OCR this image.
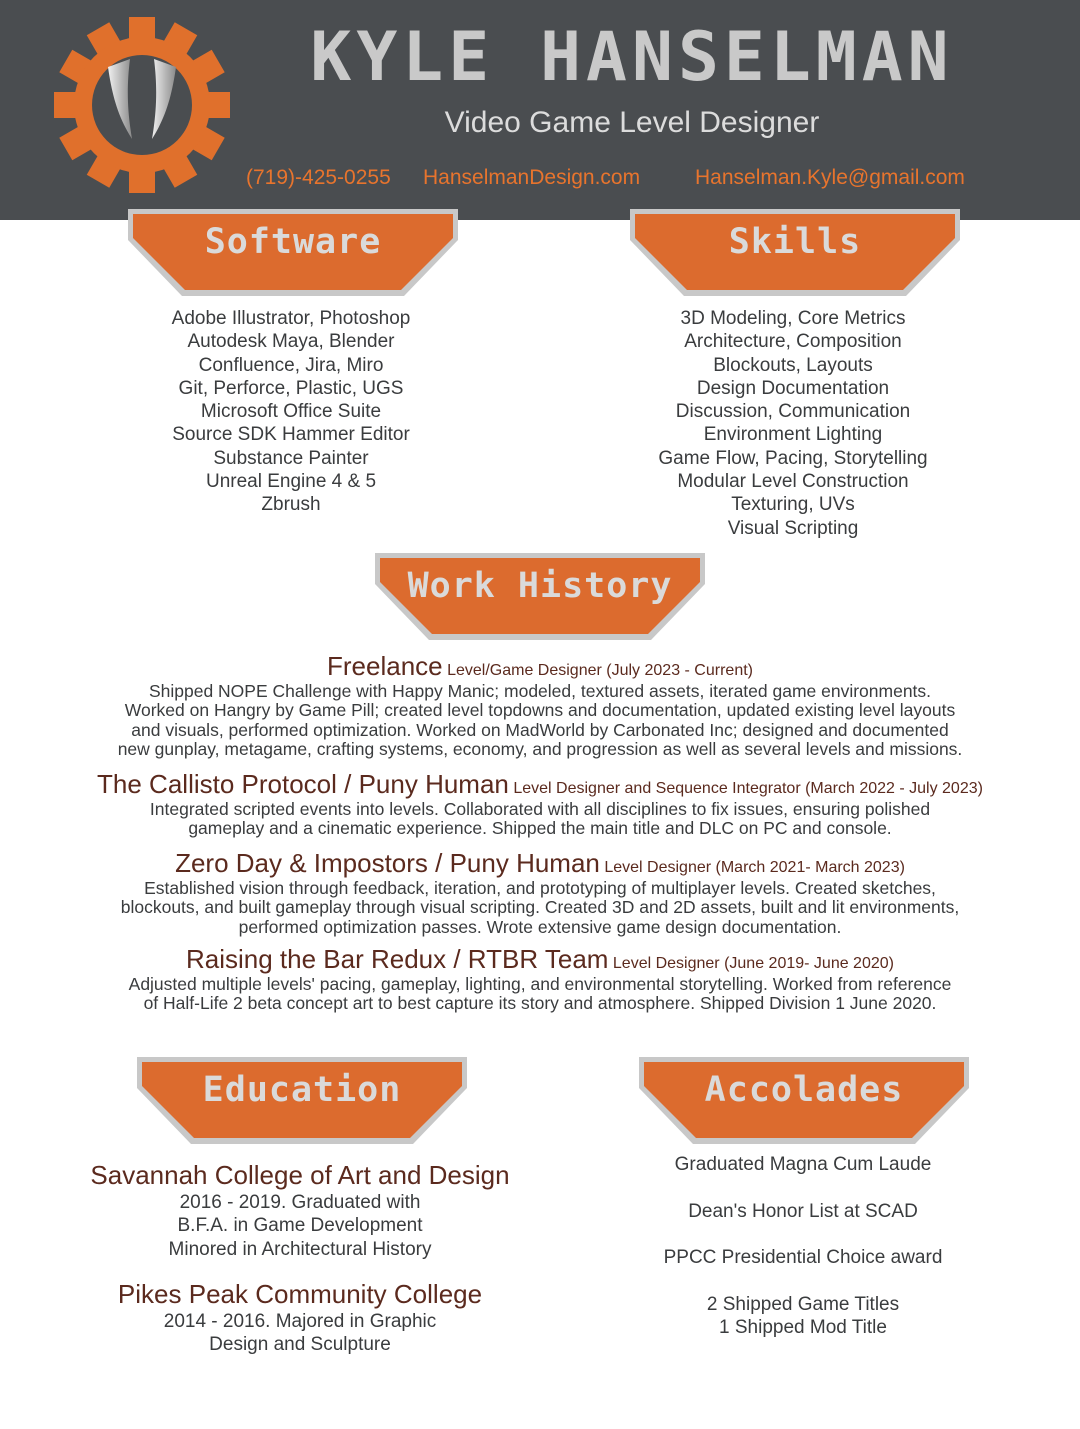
KYLE HANSELMAN
Video Game Level Designer
(719)-425-0255 HanselmanDesign.com	Hanselman.Kyle@gmail.com
Software	Skills
Adobe Illustrator, Photoshop
Autodesk Maya, Blender
Confluence, Jira, Miro
Git, Perforce, Plastic, UGS
Microsoft Office Suite
Source SDK Hammer Editor
Substance Painter
Unreal Engine 4 & 5
Zbrush
3D Modeling, Core Metrics
Architecture, Composition
Blockouts, Layouts
Design Documentation
Discussion, Communication
Environment Lighting
Game Flow, Pacing, Storytelling
Modular Level Construction
Texturing, UVs
Visual Scripting
Work History
Freelance Level/Game Designer (July 2023 - Current)
Shipped NOPE Challenge with Happy Manic; modeled, textured assets, iterated game environments.
Worked on Hangry by Game Pill; created level topdowns and documentation, updated existing level layouts
and visuals, performed optimization. Worked on MadWorld by Carbonated Inc; designed and documented
new gunplay, metagame, crafting systems, economy, and progression as well as several levels and missions.
The Callisto Protocol / Puny Human Level Designer and Sequence Integrator (March 2022 - July 2023)
Integrated scripted events into levels. Collaborated with all disciplines to fix issues, ensuring polished
gameplay and a cinematic experience. Shipped the main title and DLC on PC and console.
Zero Day & Impostors / Puny Human Level Designer (March 2021- March 2023)
Established vision through feedback, iteration, and prototyping of multiplayer levels. Created sketches,
blockouts, and built gameplay through visual scripting. Created 3D and 2D assets, built and lit environments,
performed optimization passes. Wrote extensive game design documentation.
Raising the Bar Redux / RTBR Team Level Designer (June 2019- June 2020)
Adjusted multiple levels' pacing, gameplay, lighting, and environmental storytelling. Worked from reference
of Half-Life 2 beta concept art to best capture its story and atmosphere. Shipped Division 1 June 2020.
Education	Accolades
Savannah College of Art and Design
2016 - 2019. Graduated with
B.F.A. in Game Development
Minored in Architectural History
Pikes Peak Community College
2014 - 2016. Majored in Graphic
Design and Sculpture
Graduated Magna Cum Laude
Dean's Honor List at SCAD
PPCC Presidential Choice award
2 Shipped Game Titles
1 Shipped Mod Title
